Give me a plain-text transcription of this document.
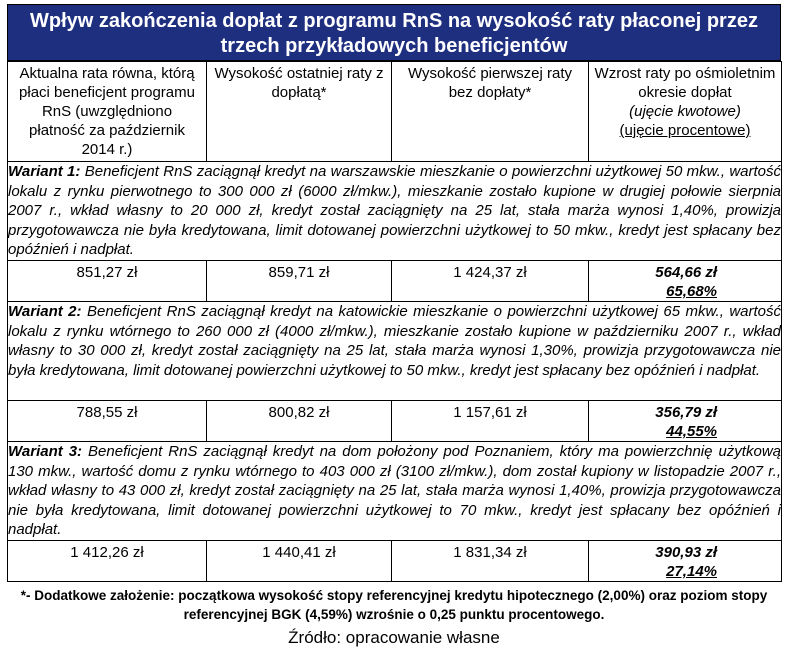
Wpływ zakończenia dopłat z programu RnS na wysokość raty płaconej przez trzech przykładowych beneficjentów
Aktualna rata równa, którą płaci beneficjent programu RnS (uwzględniono płatność za październik 2014 r.)	Wysokość ostatniej raty z dopłatą*	Wysokość pierwszej raty bez dopłaty*	Wzrost raty po ośmioletnim okresie dopłat
(ujęcie kwotowe)
(ujęcie procentowe)

Wariant 1: Beneficjent RnS zaciągnął kredyt na warszawskie mieszkanie o powierzchni użytkowej 50 mkw., wartość lokalu z rynku pierwotnego to 300 000 zł (6000 zł/mkw.), mieszkanie zostało kupione w drugiej połowie sierpnia 2007 r., wkład własny to 20 000 zł, kredyt został zaciągnięty na 25 lat, stała marża wynosi 1,40%, prowizja przygotowawcza nie była kredytowana, limit dotowanej powierzchni użytkowej to 50 mkw., kredyt jest spłacany bez opóźnień i nadpłat.			
851,27 zł	859,71 zł	1 424,37 zł	564,66 zł
65,68%

Wariant 2: Beneficjent RnS zaciągnął kredyt na katowickie mieszkanie o powierzchni użytkowej 65 mkw., wartość lokalu z rynku wtórnego to 260 000 zł (4000 zł/mkw.), mieszkanie zostało kupione w październiku 2007 r., wkład własny to 30 000 zł, kredyt został zaciągnięty na 25 lat, stała marża wynosi 1,30%, prowizja przygotowawcza nie była kredytowana, limit dotowanej powierzchni użytkowej to 50 mkw., kredyt jest spłacany bez opóźnień i nadpłat.			
788,55 zł	800,82 zł	1 157,61 zł	356,79 zł
44,55%

Wariant 3: Beneficjent RnS zaciągnął kredyt na dom położony pod Poznaniem, który ma powierzchnię użytkową 130 mkw., wartość domu z rynku wtórnego to 403 000 zł (3100 zł/mkw.), dom został kupiony w listopadzie 2007 r., wkład własny to 43 000 zł, kredyt został zaciągnięty na 25 lat, stała marża wynosi 1,40%, prowizja przygotowawcza nie była kredytowana, limit dotowanej powierzchni użytkowej to 70 mkw., kredyt jest spłacany bez opóźnień i nadpłat.			
1 412,26 zł	1 440,41 zł	1 831,34 zł	390,93 zł
27,14%
*- Dodatkowe założenie: początkowa wysokość stopy referencyjnej kredytu hipotecznego (2,00%) oraz poziom stopy referencyjnej BGK (4,59%) wzrośnie o 0,25 punktu procentowego.
Źródło: opracowanie własne
